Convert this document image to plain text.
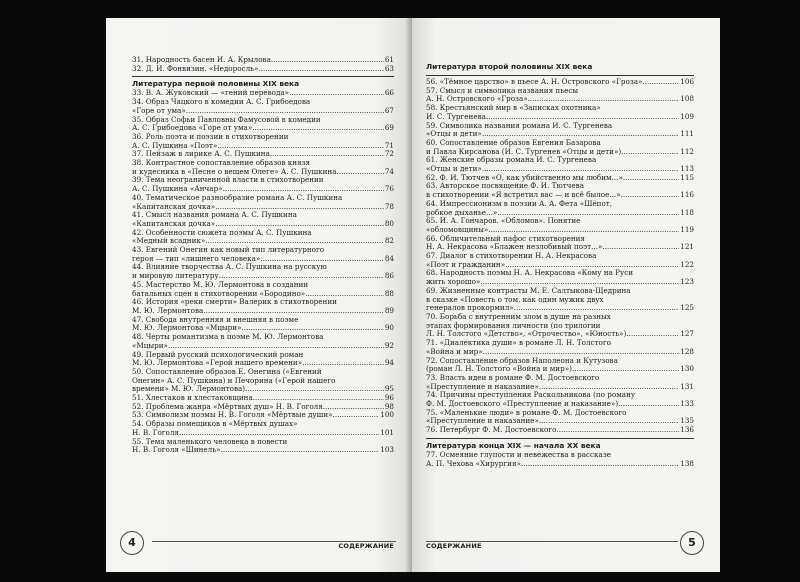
31. Народность басен И. А. Крылова .....	61
32. Д. И. Фонвизин. «Недоросль» .....	63
Литература первой половины XIX века
33. В. А. Жуковский — «гений перевода» .....	66
34. Образ Чацкого в комедии А. С. Грибоедова
«Горе от ума» .....	67
35. Образ Софьи Павловны Фамусовой в комедии
А. С. Грибоедова «Горе от ума» .....	69
36. Роль поэта и поэзии в стихотворении
А. С. Пушкина «Поэт» .....	71
37. Пейзаж в лирике А. С. Пушкина .....	72
38. Контрастное сопоставление образов князя
и кудесника в «Песне о вещем Олеге» А. С. Пушкина .....	74
39. Тема неограниченной власти в стихотворении
А. С. Пушкина «Анчар» .....	76
40. Тематическое разнообразие романа А. С. Пушкина
«Капитанская дочка» .....	78
41. Смысл названия романа А. С. Пушкина
«Капитанская дочка» .....	80
42. Особенности сюжета поэмы А. С. Пушкина
«Медный всадник» .....	82
43. Евгений Онегин как новый тип литературного
героя — тип «лишнего человека» .....	84
44. Влияние творчества А. С. Пушкина на русскую
и мировую литературу .....	86
45. Мастерство М. Ю. Лермонтова в создании
батальных сцен в стихотворении «Бородино» .....	88
46. История «реки смерти» Валерик в стихотворении
М. Ю. Лермонтова .....	89
47. Свобода внутренняя и внешняя в поэме
М. Ю. Лермонтова «Мцыри» .....	90
48. Черты романтизма в поэме М. Ю. Лермонтова
«Мцыри» .....	92
49. Первый русский психологический роман
М. Ю. Лермонтова «Герой нашего времени» .....	94
50. Сопоставление образов Е. Онегина («Евгений
Онегин» А. С. Пушкина) и Печорина («Герой нашего
времени» М. Ю. Лермонтова) .....	95
51. Хлестаков и хлестаковщина .....	96
52. Проблема жанра «Мёртвых душ» Н. В. Гоголя .....	98
53. Символизм поэмы Н. В. Гоголя «Мёртвые души» .....	100
54. Образы помещиков в «Мёртвых душах»
Н. В. Гоголя .....	101
55. Тема маленького человека в повести
Н. В. Гоголя «Шинель» .....	103
4	СОДЕРЖАНИЕ
Литература второй половины XIX века
56. «Тёмное царство» в пьесе А. Н. Островского «Гроза» .....	106
57. Смысл и символика названия пьесы
А. Н. Островского «Гроза» .....	108
58. Крестьянский мир в «Записках охотника»
И. С. Тургенева .....	109
59. Символика названия романа И. С. Тургенева
«Отцы и дети» .....	111
60. Сопоставление образов Евгения Базарова
и Павла Кирсанова (И. С. Тургенев «Отцы и дети») .....	112
61. Женские образы романа И. С. Тургенева
«Отцы и дети» .....	113
62. Ф. И. Тютчев «О, как убийственно мы любим...» .....	115
63. Авторское посвящение Ф. И. Тютчева
в стихотворении «Я встретил вас — и всё былое...» .....	116
64. Импрессионизм в поэзии А. А. Фета «Шёпот,
робкое дыханье...» .....	118
65. И. А. Гончаров. «Обломов». Понятие
«обломовщины» .....	119
66. Обличительный пафос стихотворения
Н. А. Некрасова «Блажен незлобивый поэт...» .....	121
67. Диалог в стихотворении Н. А. Некрасова
«Поэт и гражданин» .....	122
68. Народность поэмы Н. А. Некрасова «Кому на Руси
жить хорошо» .....	123
69. Жизненные контрасты М. Е. Салтыкова-Щедрина
в сказке «Повесть о том, как один мужик двух
генералов прокормил» .....	125
70. Борьба с внутренним злом в душе на разных
этапах формирования личности (по трилогии
Л. Н. Толстого «Детство», «Отрочество», «Юность») .....	127
71. «Диалектика души» в романе Л. Н. Толстого
«Война и мир» .....	128
72. Сопоставление образов Наполеона и Кутузова
(роман Л. Н. Толстого «Война и мир») .....	130
73. Власть идеи в романе Ф. М. Достоевского
«Преступление и наказание» .....	131
74. Причины преступления Раскольникова (по роману
Ф. М. Достоевского «Преступление и наказание») .....	133
75. «Маленькие люди» в романе Ф. М. Достоевского
«Преступление и наказание» .....	135
76. Петербург Ф. М. Достоевского .....	136
Литература конца XIX — начала XX века
77. Осмеяние глупости и невежества в рассказе
А. П. Чехова «Хирургия» .....	138
СОДЕРЖАНИЕ	5
